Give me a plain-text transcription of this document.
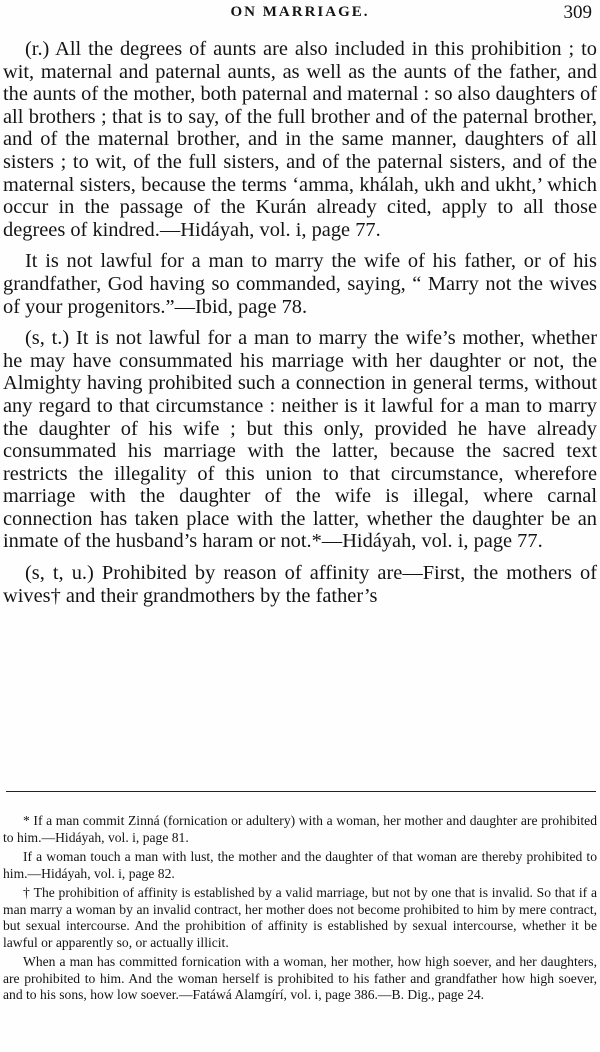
ON MARRIAGE.	309

(r.) All the degrees of aunts are also included in this prohibition ; to wit, maternal and paternal aunts, as well as the aunts of the father, and the aunts of the mother, both paternal and maternal : so also daughters of all brothers ; that is to say, of the full brother and of the paternal brother, and of the maternal brother, and in the same manner, daughters of all sisters ; to wit, of the full sisters, and of the paternal sisters, and of the maternal sisters, because the terms ‘amma, khálah, ukh and ukht,’ which occur in the passage of the Kurán already cited, apply to all those degrees of kindred.—Hidáyah, vol. i, page 77.

It is not lawful for a man to marry the wife of his father, or of his grandfather, God having so commanded, saying, “ Marry not the wives of your progenitors.”—Ibid, page 78.

(s, t.) It is not lawful for a man to marry the wife’s mother, whether he may have consummated his marriage with her daughter or not, the Almighty having prohibited such a connection in general terms, without any regard to that circumstance : neither is it lawful for a man to marry the daughter of his wife ; but this only, provided he have already consummated his marriage with the latter, because the sacred text restricts the illegality of this union to that circumstance, wherefore marriage with the daughter of the wife is illegal, where carnal connection has taken place with the latter, whether the daughter be an inmate of the husband’s haram or not.*—Hidáyah, vol. i, page 77.

(s, t, u.) Prohibited by reason of affinity are—First, the mothers of wives† and their grandmothers by the father’s

* If a man commit Zinná (fornication or adultery) with a woman, her mother and daughter are prohibited to him.—Hidáyah, vol. i, page 81.

If a woman touch a man with lust, the mother and the daughter of that woman are thereby prohibited to him.—Hidáyah, vol. i, page 82.

† The prohibition of affinity is established by a valid marriage, but not by one that is invalid. So that if a man marry a woman by an invalid contract, her mother does not become prohibited to him by mere contract, but sexual intercourse. And the prohibition of affinity is established by sexual intercourse, whether it be lawful or apparently so, or actually illicit.

When a man has committed fornication with a woman, her mother, how high soever, and her daughters, are prohibited to him. And the woman herself is prohibited to his father and grandfather how high soever, and to his sons, how low soever.—Fatáwá Alamgírí, vol. i, page 386.—B. Dig., page 24.
